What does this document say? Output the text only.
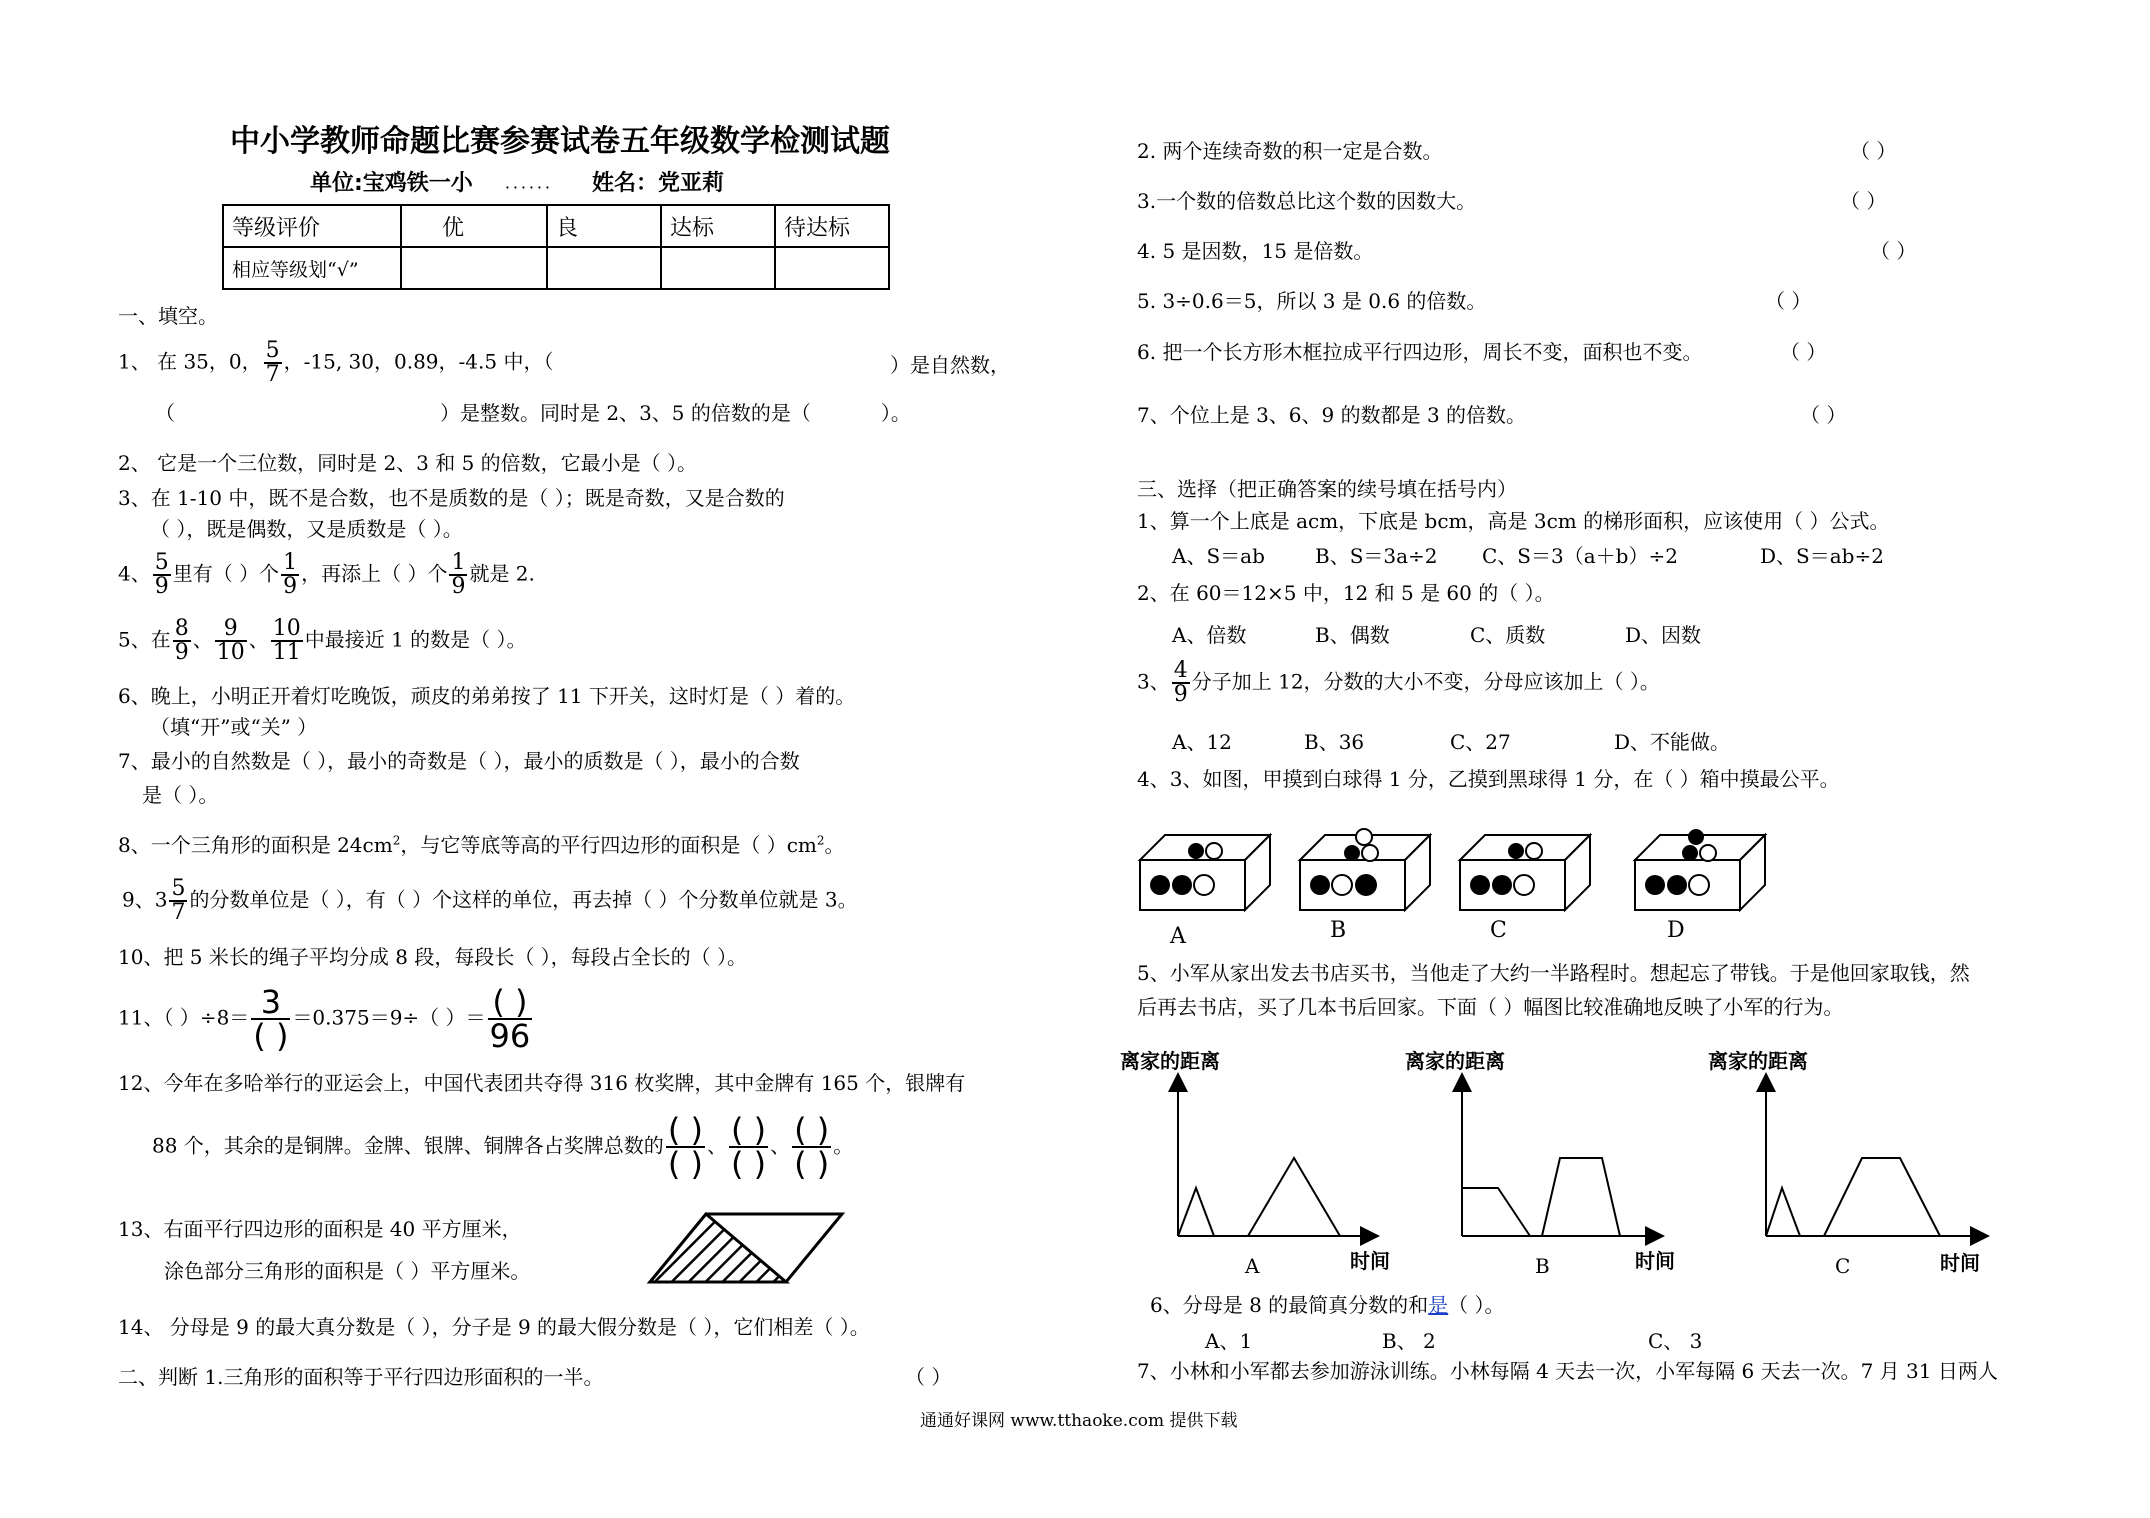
中小学教师命题比赛参赛试卷五年级数学检测试题
单位:宝鸡铁一小 ．．．．．． 姓名：党亚莉
等级评价	优	良	达标	待达标
相应等级划“√”				
一、填空。
1、 在 35，0， $\frac{5}{7}$ ，-15, 30，0.89，-4.5 中，（	）是自然数，
（	）是整数。同时是 2、3、5 的倍数的是（	）。
2、 它是一个三位数，同时是 2、3 和 5 的倍数，它最小是（ ）。
3、在 1-10 中，既不是合数，也不是质数的是（ ）；既是奇数，又是合数的
（ ），既是偶数，又是质数是（ ）。
4、 $\frac{5}{9}$ 里有（ ）个 $\frac{1}{9}$ ，再添上（ ）个 $\frac{1}{9}$ 就是 2.
5、在 $\frac{8}{9}$ 、 $\frac{9}{10}$ 、 $\frac{10}{11}$ 中最接近 1 的数是（ ）。
6、晚上，小明正开着灯吃晚饭，顽皮的弟弟按了 11 下开关，这时灯是（ ）着的。
（填“开”或“关” ）
7、最小的自然数是（ ），最小的奇数是（ ），最小的质数是（ ），最小的合数
是（ ）。
8、一个三角形的面积是 $24cm^2$，与它等底等高的平行四边形的面积是（ ）$cm^2$。
9、$3 \frac{5}{7}$ 的分数单位是（ ），有（ ）个这样的单位，再去掉（ ）个分数单位就是 3。
10、把 5 米长的绳子平均分成 8 段，每段长（ ），每段占全长的（ ）。
11、（ ）$\div 8= \frac{3}{( )} =0.375=9\div$（ ）＝ $\frac{( )}{96}$
12、今年在多哈举行的亚运会上，中国代表团共夺得 316 枚奖牌，其中金牌有 165 个，银牌有
88 个，其余的是铜牌。金牌、银牌、铜牌各占奖牌总数的 $\frac{( )}{( )}$ 、 $\frac{( )}{( )}$ 、 $\frac{( )}{( )}$ 。
13、右面平行四边形的面积是 40 平方厘米，
涂色部分三角形的面积是（ ）平方厘米。
14、 分母是 9 的最大真分数是（ ），分子是 9 的最大假分数是（ ），它们相差（ ）。
二、判断 1.三角形的面积等于平行四边形面积的一半。	（ ）
2. 两个连续奇数的积一定是合数。	（ ）
3.一个数的倍数总比这个数的因数大。	（ ）
4. 5 是因数，15 是倍数。	（ ）
5. 3÷0.6＝5，所以 3 是 0.6 的倍数。	（ ）
6. 把一个长方形木框拉成平行四边形，周长不变，面积也不变。	（ ）
7、个位上是 3、6、9 的数都是 3 的倍数。	（ ）
三、选择（把正确答案的续号填在括号内）
1、算一个上底是 acm，下底是 bcm，高是 3cm 的梯形面积，应该使用（ ）公式。
A、S＝ab	B、S＝3a÷2 C、S＝3（a＋b）÷2	D、S＝ab÷2
2、在 60＝12×5 中，12 和 5 是 60 的（ ）。
A、倍数	B、偶数	C、质数	D、因数
3、 $\frac{4}{9}$ 分子加上 12，分数的大小不变，分母应该加上（ ）。
A、12	B、36	C、27	D、不能做。
4、3、如图，甲摸到白球得 1 分，乙摸到黑球得 1 分，在（ ）箱中摸最公平。
A	B	C	D
5、小军从家出发去书店买书，当他走了大约一半路程时。想起忘了带钱。于是他回家取钱，然
后再去书店，买了几本书后回家。下面（ ）幅图比较准确地反映了小军的行为。
离家的距离
A	时间
离家的距离
B	时间
离家的距离
C	时间
6、分母是 8 的最简真分数的和是（ ）。
A、1	B、 2	C、 3
7、小林和小军都去参加游泳训练。小林每隔 4 天去一次，小军每隔 6 天去一次。7 月 31 日两人
通通好课网 www.tthaoke.com 提供下载
